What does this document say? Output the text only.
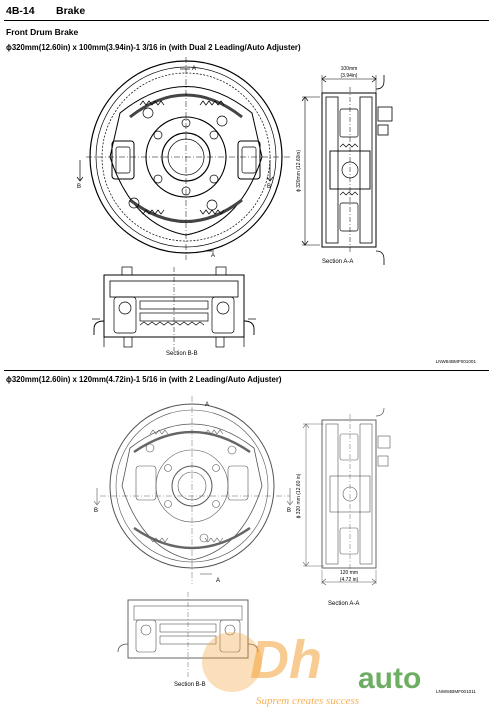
4B-14 Brake
Front Drum Brake
ϕ320mm(12.60in) x 100mm(3.94in)-1 3/16 in (with Dual 2 Leading/Auto Adjuster)
A
A
B	B
100mm
(3.94in)
ϕ 320mm (12.60in)
Section A-A
Section B-B
LNW84BMF001001
ϕ320mm(12.60in) x 120mm(4.72in)-1 5/16 in (with 2 Leading/Auto Adjuster)
A
A
B	B
120 mm
(4.72 in)
ϕ 320 mm (12.60 in)
Section A-A
Section B-B
LNW84BMF001011
Dh auto
Suprem creates success
